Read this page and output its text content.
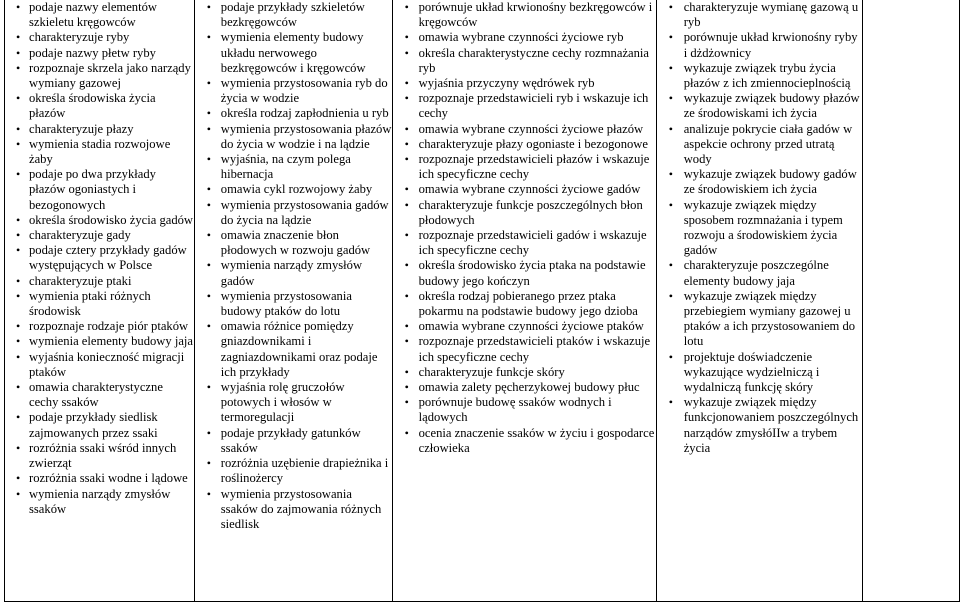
• podaje nazwy elementów szkieletu kręgowców
• charakteryzuje ryby
• podaje nazwy płetw ryby
• rozpoznaje skrzela jako narządy wymiany gazowej
• określa środowiska życia płazów
• charakteryzuje płazy
• wymienia stadia rozwojowe żaby
• podaje po dwa przykłady płazów ogoniastych i bezogonowych
• określa środowisko życia gadów
• charakteryzuje gady
• podaje cztery przykłady gadów występujących w Polsce
• charakteryzuje ptaki
• wymienia ptaki różnych środowisk
• rozpoznaje rodzaje piór ptaków
• wymienia elementy budowy jaja
• wyjaśnia konieczność migracji ptaków
• omawia charakterystyczne cechy ssaków
• podaje przykłady siedlisk zajmowanych przez ssaki
• rozróżnia ssaki wśród innych zwierząt
• rozróżnia ssaki wodne i lądowe
• wymienia narządy zmysłów ssaków

• podaje przykłady szkieletów bezkręgowców
• wymienia elementy budowy układu nerwowego bezkręgowców i kręgowców
• wymienia przystosowania ryb do życia w wodzie
• określa rodzaj zapłodnienia u ryb
• wymienia przystosowania płazów do życia w wodzie i na lądzie
• wyjaśnia, na czym polega hibernacja
• omawia cykl rozwojowy żaby
• wymienia przystosowania gadów do życia na lądzie
• omawia znaczenie błon płodowych w rozwoju gadów
• wymienia narządy zmysłów gadów
• wymienia przystosowania budowy ptaków do lotu
• omawia różnice pomiędzy gniazdownikami i zagniazdownikami oraz podaje ich przykłady
• wyjaśnia rolę gruczołów potowych i włosów w termoregulacji
• podaje przykłady gatunków ssaków
• rozróżnia uzębienie drapieżnika i roślinożercy
• wymienia przystosowania ssaków do zajmowania różnych siedlisk

• porównuje układ krwionośny bezkręgowców i kręgowców
• omawia wybrane czynności życiowe ryb
• określa charakterystyczne cechy rozmnażania ryb
• wyjaśnia przyczyny wędrówek ryb
• rozpoznaje przedstawicieli ryb i wskazuje ich cechy
• omawia wybrane czynności życiowe płazów
• charakteryzuje płazy ogoniaste i bezogonowe
• rozpoznaje przedstawicieli płazów i wskazuje ich specyficzne cechy
• omawia wybrane czynności życiowe gadów
• charakteryzuje funkcje poszczególnych błon płodowych
• rozpoznaje przedstawicieli gadów i wskazuje ich specyficzne cechy
• określa środowisko życia ptaka na podstawie budowy jego kończyn
• określa rodzaj pobieranego przez ptaka pokarmu na podstawie budowy jego dzioba
• omawia wybrane czynności życiowe ptaków
• rozpoznaje przedstawicieli ptaków i wskazuje ich specyficzne cechy
• charakteryzuje funkcje skóry
• omawia zalety pęcherzykowej budowy płuc
• porównuje budowę ssaków wodnych i lądowych
• ocenia znaczenie ssaków w życiu i gospodarce człowieka

• charakteryzuje wymianę gazową u ryb
• porównuje układ krwionośny ryby i dżdżownicy
• wykazuje związek trybu życia płazów z ich zmiennocieplnością
• wykazuje związek budowy płazów ze środowiskami ich życia
• analizuje pokrycie ciała gadów w aspekcie ochrony przed utratą wody
• wykazuje związek budowy gadów ze środowiskiem ich życia
• wykazuje związek między sposobem rozmnażania i typem rozwoju a środowiskiem życia gadów
• charakteryzuje poszczególne elementy budowy jaja
• wykazuje związek między przebiegiem wymiany gazowej u ptaków a ich przystosowaniem do lotu
• projektuje doświadczenie wykazujące wydzielniczą i wydalniczą funkcję skóry
• wykazuje związek między funkcjonowaniem poszczególnych narządów zmysłóIIw a trybem życia
